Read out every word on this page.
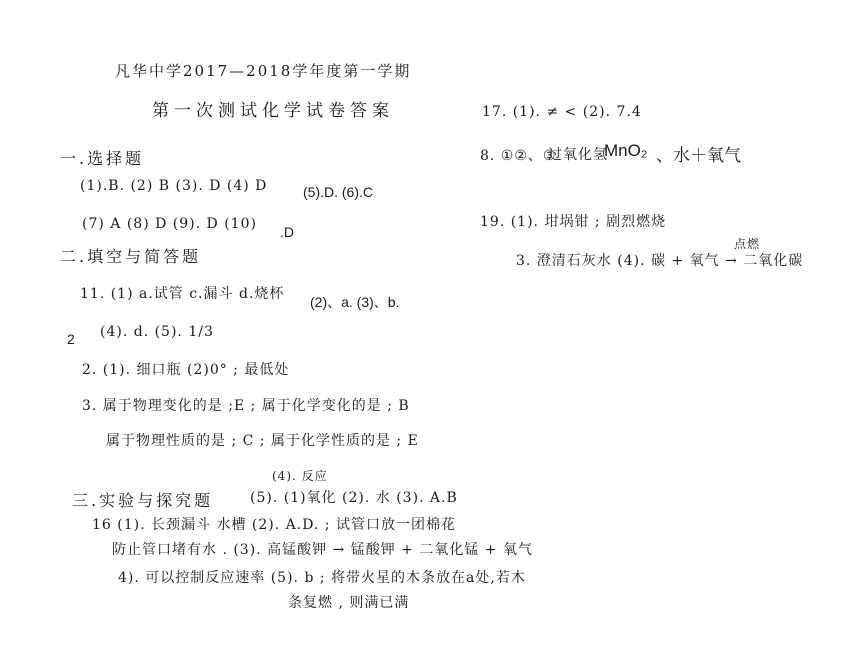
凡华中学2017—2018学年度第一学期
第一次测试化学试卷答案
一.选择题
(1).B. (2) B (3). D (4) D	(5).D. (6).C
(7) A (8) D (9). D (10) .D
二.填空与简答题
11. (1) a.试管 c.漏斗 d.烧杯 (2)、a. (3)、b.
2 (4). d. (5). 1/3
2. (1). 细口瓶 (2)0° ; 最低处
3. 属于物理变化的是 ;E ; 属于化学变化的是 ; B
属于物理性质的是 ; C ; 属于化学性质的是 ; E
(4). 反应
三.实验与探究题	(5). (1)氧化 (2). 水 (3). A.B
16 (1). 长颈漏斗 水槽 (2). A.D. ; 试管口放一团棉花
防止管口堵有水 . (3). 高锰酸钾 → 锰酸钾 + 二氧化锰 + 氧气
4). 可以控制反应速率 (5). b ; 将带火星的木条放在a处,若木
条复燃 , 则满已满
17. (1). ≠ < (2). 7.4
8. ①②、③
过氧化氢
MnO₂ 、水＋氧气
19. (1). 坩埚钳 ; 剧烈燃烧
3. 澄清石灰水 (4). 碳 + 氧气 → 二氧化碳
点燃
